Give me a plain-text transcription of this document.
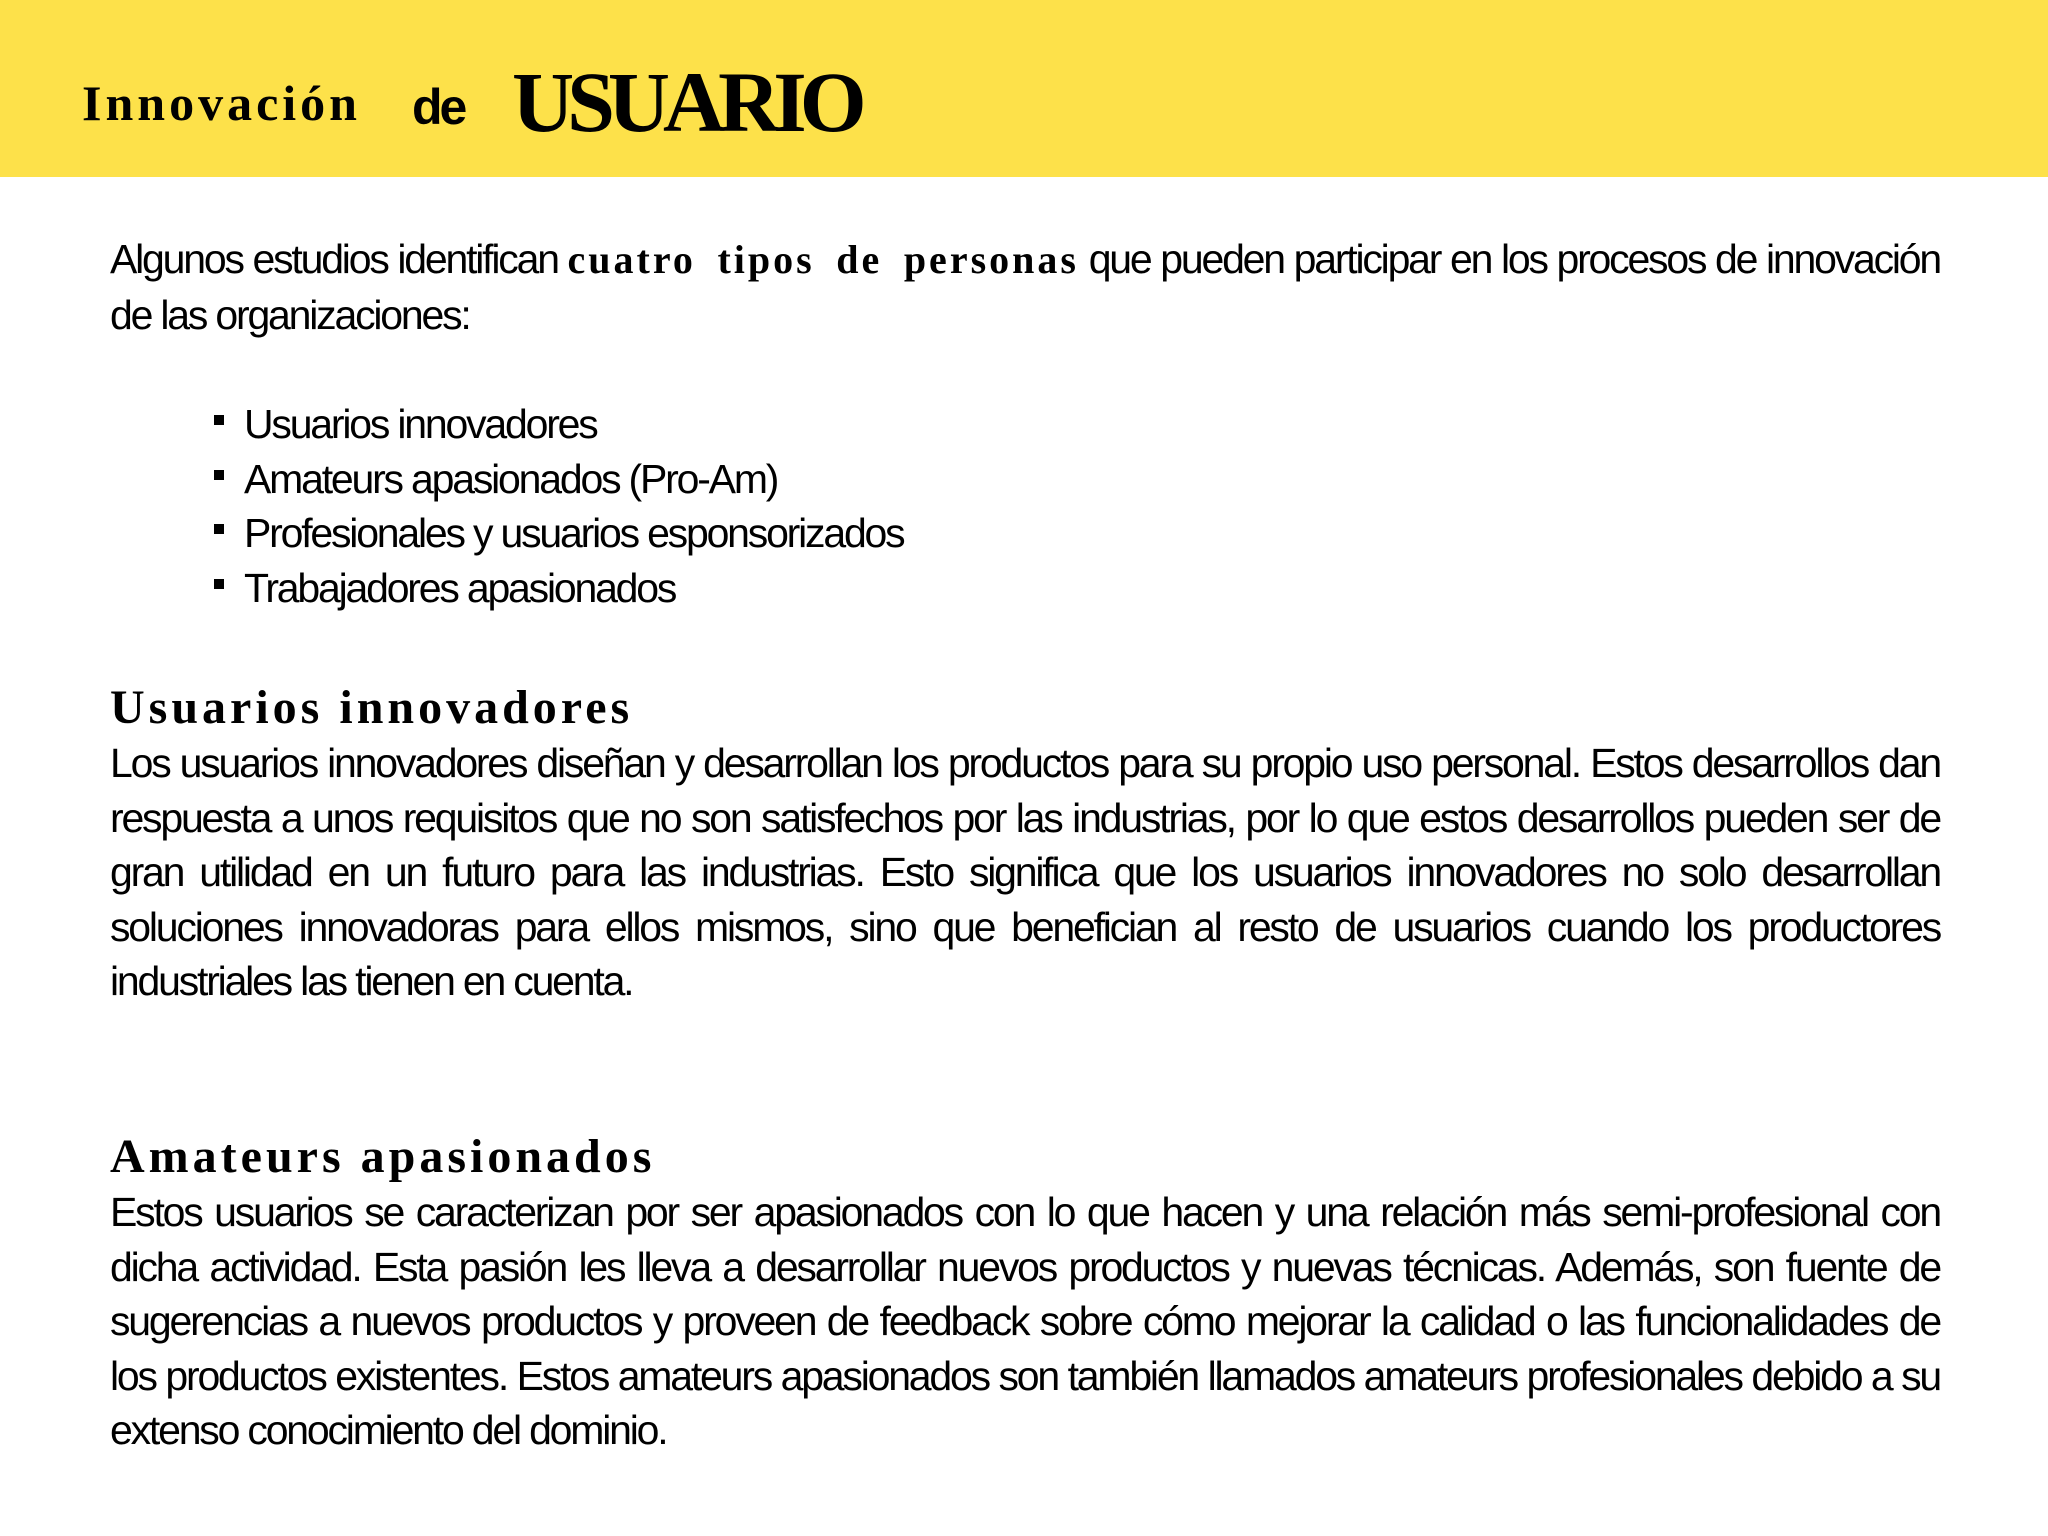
Innovación de USUARIO

Algunos estudios identifican cuatro tipos de personas que pueden participar en los procesos de innovación de las organizaciones:

Usuarios innovadores
Amateurs apasionados (Pro-Am)
Profesionales y usuarios esponsorizados
Trabajadores apasionados
Usuarios innovadores

Los usuarios innovadores diseñan y desarrollan los productos para su propio uso personal. Estos desarrollos dan respuesta a unos requisitos que no son satisfechos por las industrias, por lo que estos desarrollos pueden ser de gran utilidad en un futuro para las industrias. Esto significa que los usuarios innovadores no solo desarrollan soluciones innovadoras para ellos mismos, sino que benefician al resto de usuarios cuando los productores industriales las tienen en cuenta.

Amateurs apasionados

Estos usuarios se caracterizan por ser apasionados con lo que hacen y una relación más semi-profesional con dicha actividad. Esta pasión les lleva a desarrollar nuevos productos y nuevas técnicas. Además, son fuente de sugerencias a nuevos productos y proveen de feedback sobre cómo mejorar la calidad o las funcionalidades de los productos existentes. Estos amateurs apasionados son también llamados amateurs profesionales debido a su extenso conocimiento del dominio.
